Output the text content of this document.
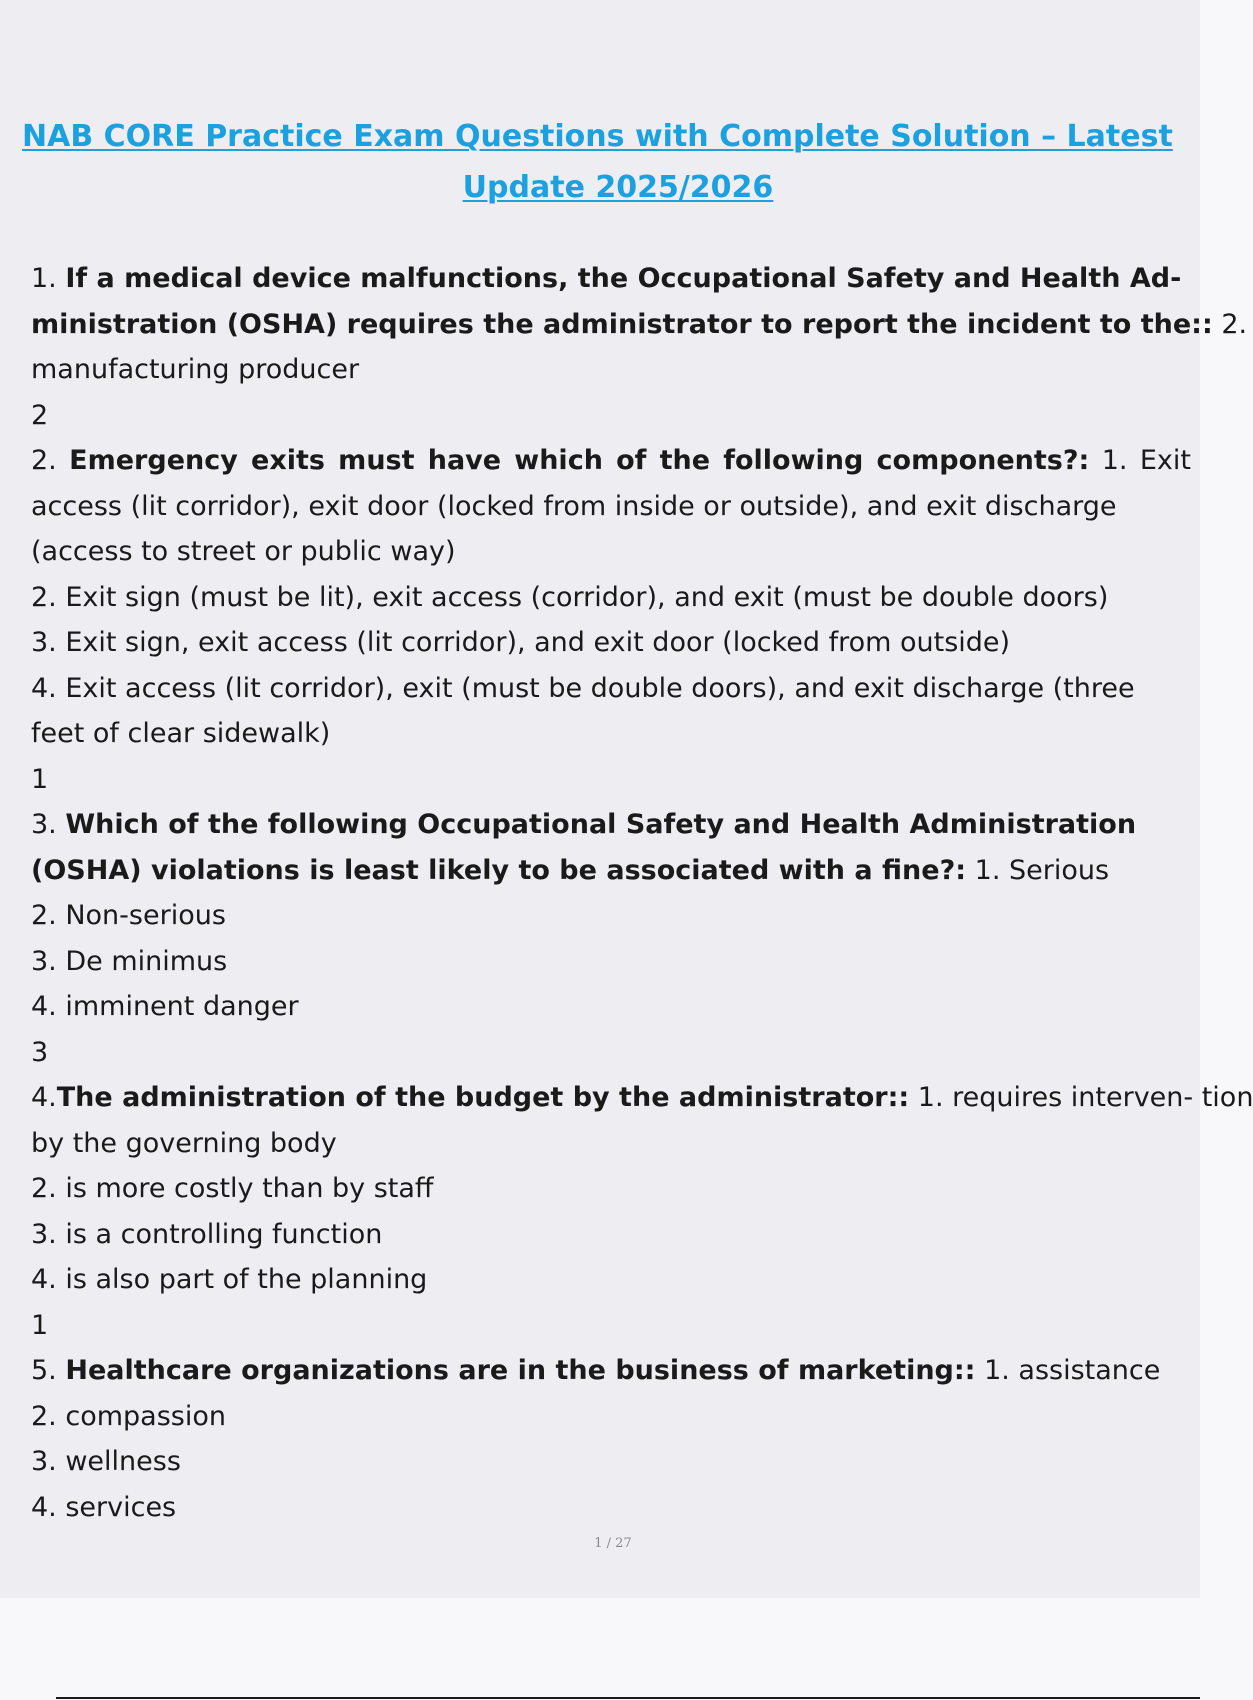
NAB CORE Practice Exam Questions with Complete Solution – Latest
Update 2025/2026
1. If a medical device malfunctions, the Occupational Safety and Health Ad-
ministration (OSHA) requires the administrator to report the incident to the:: 2.
manufacturing producer
2
2. Emergency exits must have which of the following components?: 1. Exit
access (lit corridor), exit door (locked from inside or outside), and exit discharge
(access to street or public way)
2. Exit sign (must be lit), exit access (corridor), and exit (must be double doors)
3. Exit sign, exit access (lit corridor), and exit door (locked from outside)
4. Exit access (lit corridor), exit (must be double doors), and exit discharge (three
feet of clear sidewalk)
1
3. Which of the following Occupational Safety and Health Administration
(OSHA) violations is least likely to be associated with a fine?: 1. Serious
2. Non-serious
3. De minimus
4. imminent danger
3
4.The administration of the budget by the administrator:: 1. requires interven- tion
by the governing body
2. is more costly than by staff
3. is a controlling function
4. is also part of the planning
1
5. Healthcare organizations are in the business of marketing:: 1. assistance
2. compassion
3. wellness
4. services
1 / 27
